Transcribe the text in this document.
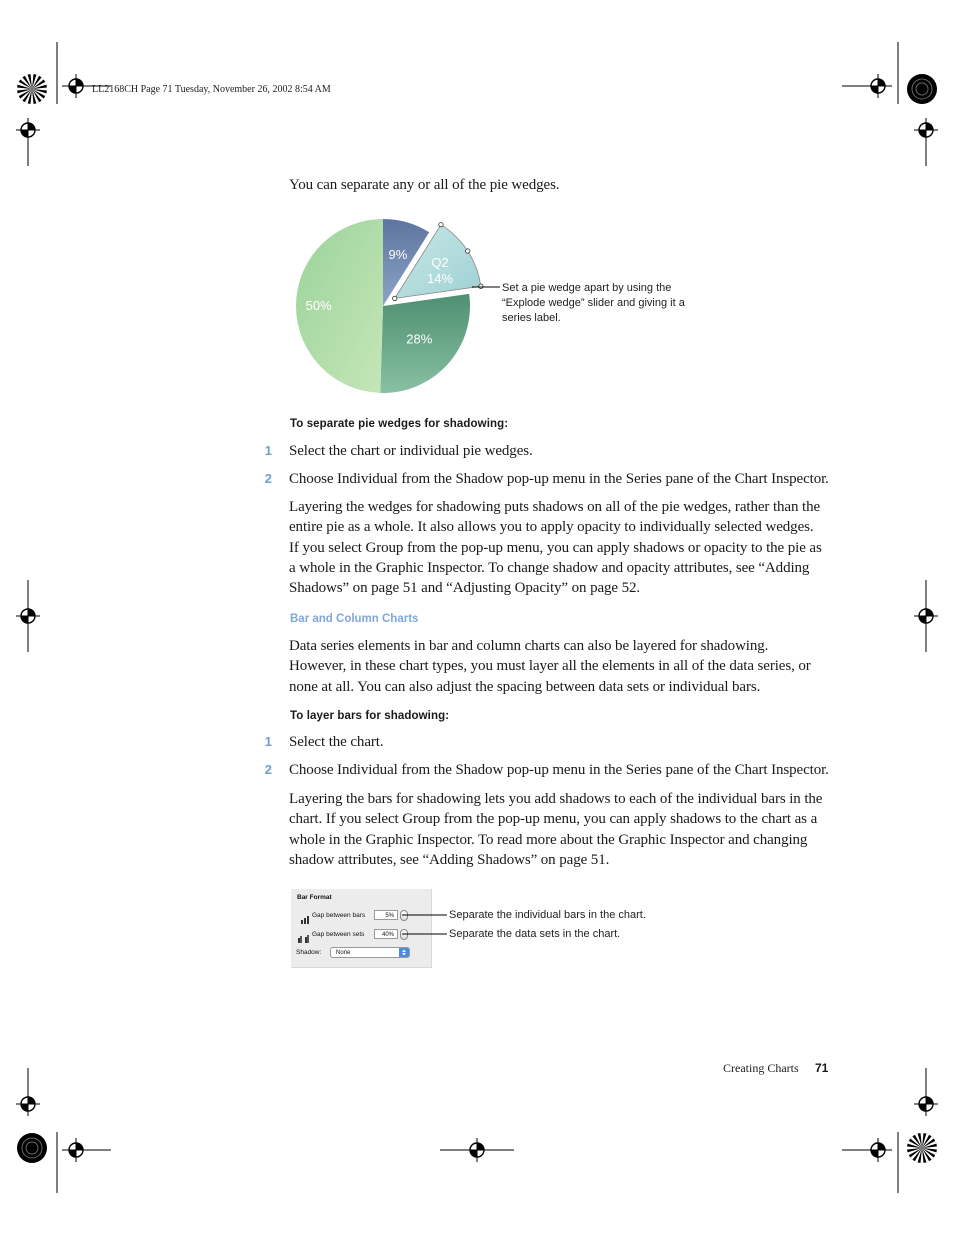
LL2168CH Page 71 Tuesday, November 26, 2002 8:54 AM
You can separate any or all of the pie wedges.
9%
Q2
14%
28%
50%
Set a pie wedge apart by using the “Explode wedge” slider and giving it a series label.
To separate pie wedges for shadowing:
1 Select the chart or individual pie wedges.
2 Choose Individual from the Shadow pop-up menu in the Series pane of the Chart Inspector.
Layering the wedges for shadowing puts shadows on all of the pie wedges, rather than the entire pie as a whole. It also allows you to apply opacity to individually selected wedges. If you select Group from the pop-up menu, you can apply shadows or opacity to the pie as a whole in the Graphic Inspector. To change shadow and opacity attributes, see “Adding Shadows” on page 51 and “Adjusting Opacity” on page 52.
Bar and Column Charts
Data series elements in bar and column charts can also be layered for shadowing. However, in these chart types, you must layer all the elements in all of the data series, or none at all. You can also adjust the spacing between data sets or individual bars.
To layer bars for shadowing:
1 Select the chart.
2 Choose Individual from the Shadow pop-up menu in the Series pane of the Chart Inspector.
Layering the bars for shadowing lets you add shadows to each of the individual bars in the chart. If you select Group from the pop-up menu, you can apply shadows to the chart as a whole in the Graphic Inspector. To read more about the Graphic Inspector and changing shadow attributes, see “Adding Shadows” on page 51.
Bar Format
Gap between bars	5%
Gap between sets	40%
Shadow:	None
Separate the individual bars in the chart.
Separate the data sets in the chart.
Creating Charts 71
